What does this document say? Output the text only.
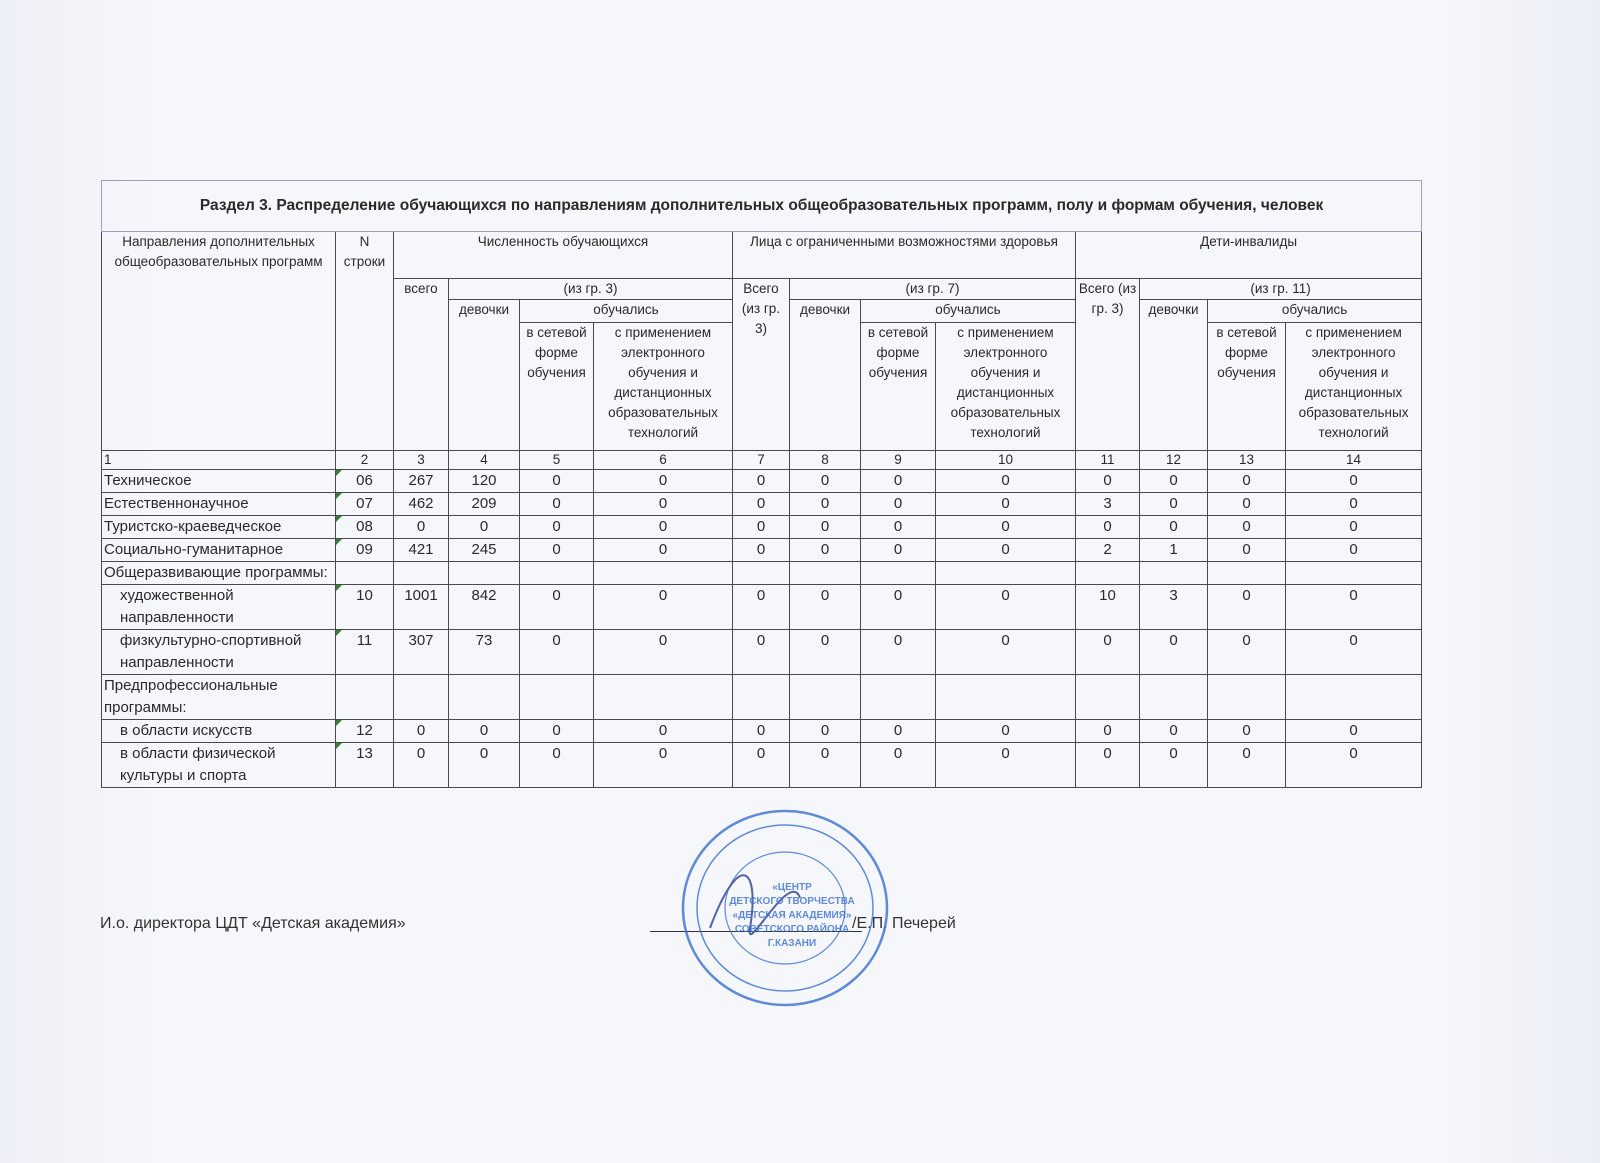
Раздел 3. Распределение обучающихся по направлениям дополнительных общеобразовательных программ, полу и формам обучения, человек													
Направления дополнительных общеобразовательных программ	N строки	Численность обучающихся				Лица с ограниченными возможностями здоровья				Дети-инвалиды			
		всего	(из гр. 3)			Всего (из гр. 3)	(из гр. 7)			Всего (из гр. 3)	(из гр. 11)		
			девочки	обучались			девочки	обучались			девочки	обучались	
				в сетевой форме обучения	с применением электронного обучения и дистанционных образовательных технологий			в сетевой форме обучения	с применением электронного обучения и дистанционных образовательных технологий			в сетевой форме обучения	с применением электронного обучения и дистанционных образовательных технологий
1	2	3	4	5	6	7	8	9	10	11	12	13	14
Техническое	06	267	120	0	0	0	0	0	0	0	0	0	0
Естественнонаучное	07	462	209	0	0	0	0	0	0	3	0	0	0
Туристско-краеведческое	08	0	0	0	0	0	0	0	0	0	0	0	0
Социально-гуманитарное	09	421	245	0	0	0	0	0	0	2	1	0	0
Общеразвивающие программы:													
художественной направленности	10	1001	842	0	0	0	0	0	0	10	3	0	0
физкультурно-спортивной направленности	11	307	73	0	0	0	0	0	0	0	0	0	0
Предпрофессиональные программы:													
в области искусств	12	0	0	0	0	0	0	0	0	0	0	0	0
в области физической культуры и спорта	13	0	0	0	0	0	0	0	0	0	0	0	0
И.о. директора ЦДТ «Детская академия»	/Е.П. Печерей
«ЦЕНТР
ДЕТСКОГО ТВОРЧЕСТВА
«ДЕТСКАЯ АКАДЕМИЯ»
СОВЕТСКОГО РАЙОНА
Г.КАЗАНИ
